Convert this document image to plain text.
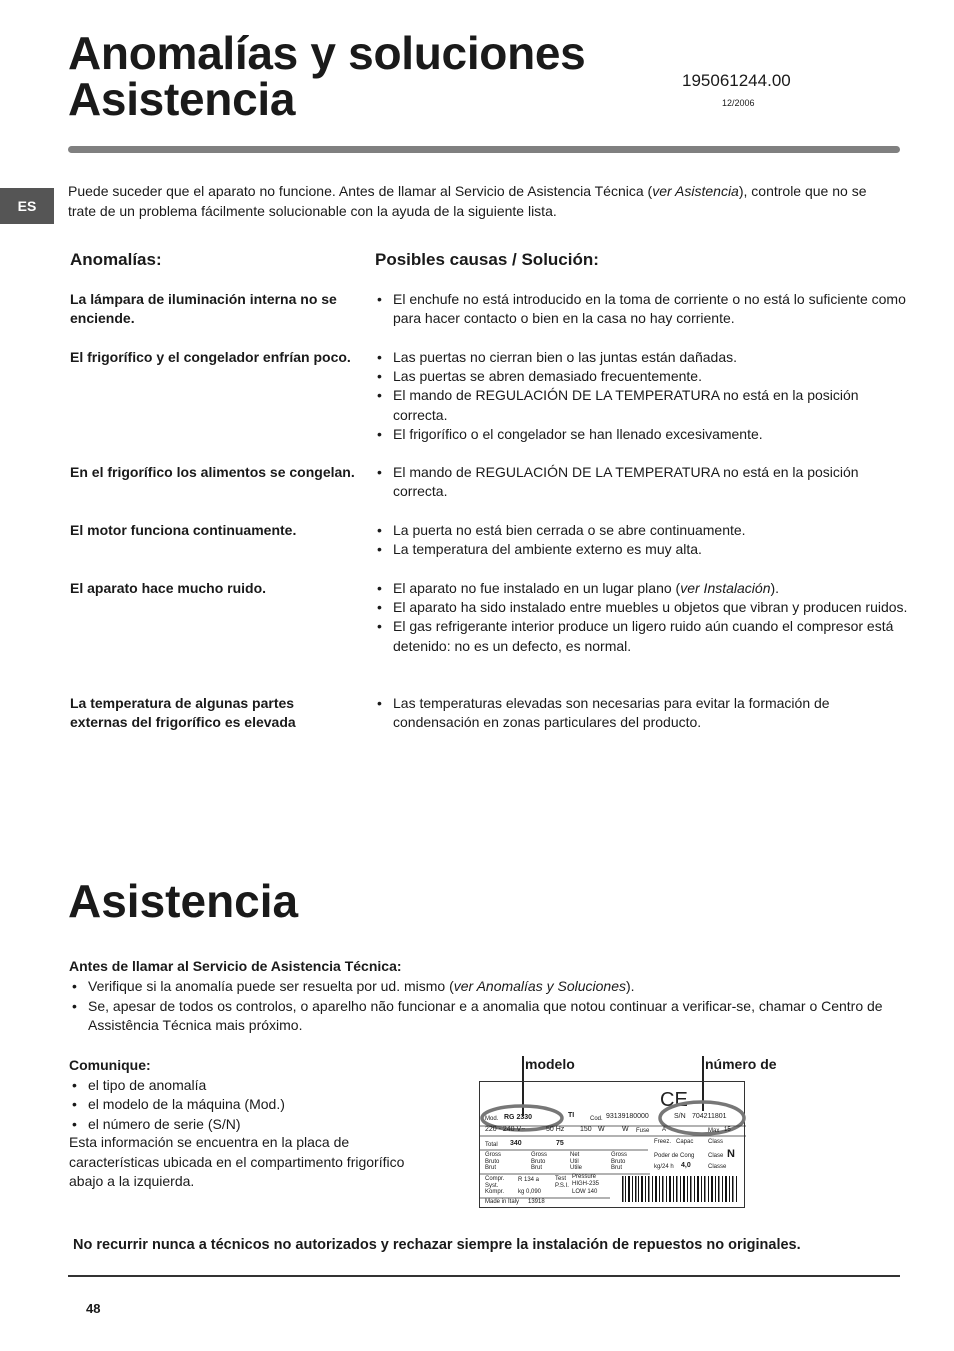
Anomalías y soluciones
Asistencia	195061244.00
12/2006
ES
Puede suceder que el aparato no funcione. Antes de llamar al Servicio de Asistencia Técnica (ver Asistencia), controle que no se trate de un problema fácilmente solucionable con la ayuda de la siguiente lista.
Anomalías:	Posibles causas / Solución:
La lámpara de iluminación interna no se enciende.
• El enchufe no está introducido en la toma de corriente o no está lo suficiente como para hacer contacto o bien en la casa no hay corriente.
El frigorífico y el congelador enfrían poco.	• Las puertas no cierran bien o las juntas están dañadas.
• Las puertas se abren demasiado frecuentemente.
• El mando de REGULACIÓN DE LA TEMPERATURA no está en la posición correcta.
• El frigorífico o el congelador se han llenado excesivamente.
En el frigorífico los alimentos se congelan.	• El mando de REGULACIÓN DE LA TEMPERATURA no está en la posición correcta.
El motor funciona continuamente.	• La puerta no está bien cerrada o se abre continuamente.
• La temperatura del ambiente externo es muy alta.
El aparato hace mucho ruido.	• El aparato no fue instalado en un lugar plano (ver Instalación).
• El aparato ha sido instalado entre muebles u objetos que vibran y producen ruidos.
• El gas refrigerante interior produce un ligero ruido aún cuando el compresor está detenido: no es un defecto, es normal.
La temperatura de algunas partes externas del frigorífico es elevada
• Las temperaturas elevadas son necesarias para evitar la formación de condensación en zonas particulares del producto.
Asistencia
Antes de llamar al Servicio de Asistencia Técnica:
• Verifique si la anomalía puede ser resuelta por ud. mismo (ver Anomalías y Soluciones).
• Se, apesar de todos os controlos, o aparelho não funcionar e a anomalia que notou continuar a verificar-se, chamar o Centro de Assistência Técnica mais próximo.
Comunique:
• el tipo de anomalía
• el modelo de la máquina (Mod.)
• el número de serie (S/N)
Esta información se encuentra en la placa de características ubicada en el compartimento frigorífico abajo a la izquierda.
modelo	número de
CE
Mod. RG 2330	TI	Cod. 93139180000	S/N 704211801
220 - 240 V~	50 Hz 150 W W Fuse A	Max 15
Total 340	75	Freez. Capac Class
Gross
Bruto
Brut
Gross
Bruto
Brut
Net
Util
Utile
Gross
Bruto
Brut
Poder de Cong
kg/24 h 4,0
Clase N
Classe
Compr.
Syst.
Kompr.
R 134 a
kg 0,090
Test
P.S.I.
Pressure
HIGH-235
LOW 140
Made in Italy 13918
No recurrir nunca a técnicos no autorizados y rechazar siempre la instalación de repuestos no originales.
48
